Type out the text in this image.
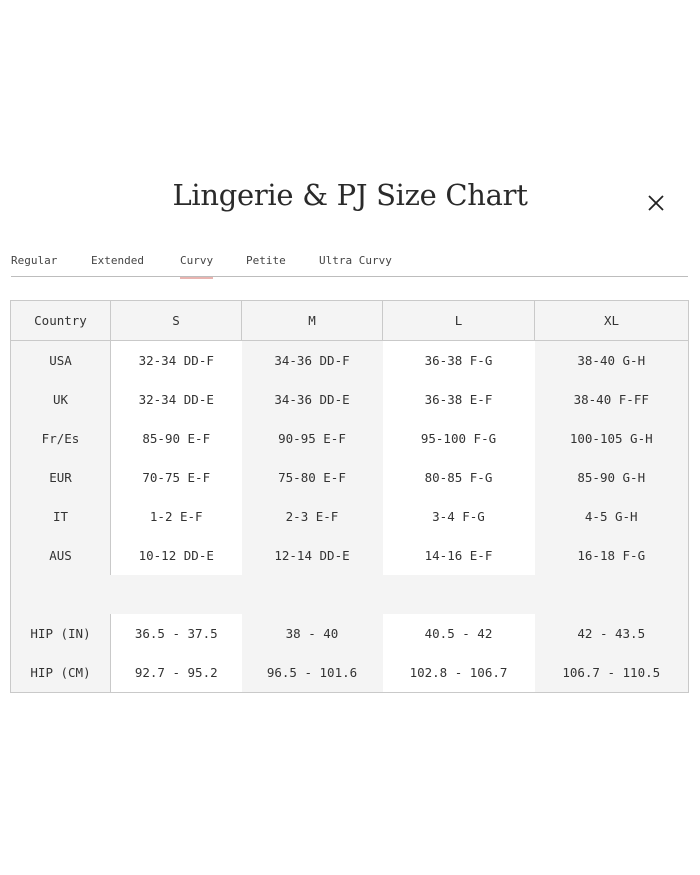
Lingerie & PJ Size Chart
Regular	Extended	Curvy	Petite	Ultra Curvy
Country	S	M	L	XL
USA	32-34 DD-F	34-36 DD-F	36-38 F-G	38-40 G-H
UK	32-34 DD-E	34-36 DD-E	36-38 E-F	38-40 F-FF
Fr/Es	85-90 E-F	90-95 E-F	95-100 F-G	100-105 G-H
EUR	70-75 E-F	75-80 E-F	80-85 F-G	85-90 G-H
IT	1-2 E-F	2-3 E-F	3-4 F-G	4-5 G-H
AUS	10-12 DD-E	12-14 DD-E	14-16 E-F	16-18 F-G

HIP (IN)	36.5 - 37.5	38 - 40	40.5 - 42	42 - 43.5
HIP (CM)	92.7 - 95.2	96.5 - 101.6	102.8 - 106.7	106.7 - 110.5
